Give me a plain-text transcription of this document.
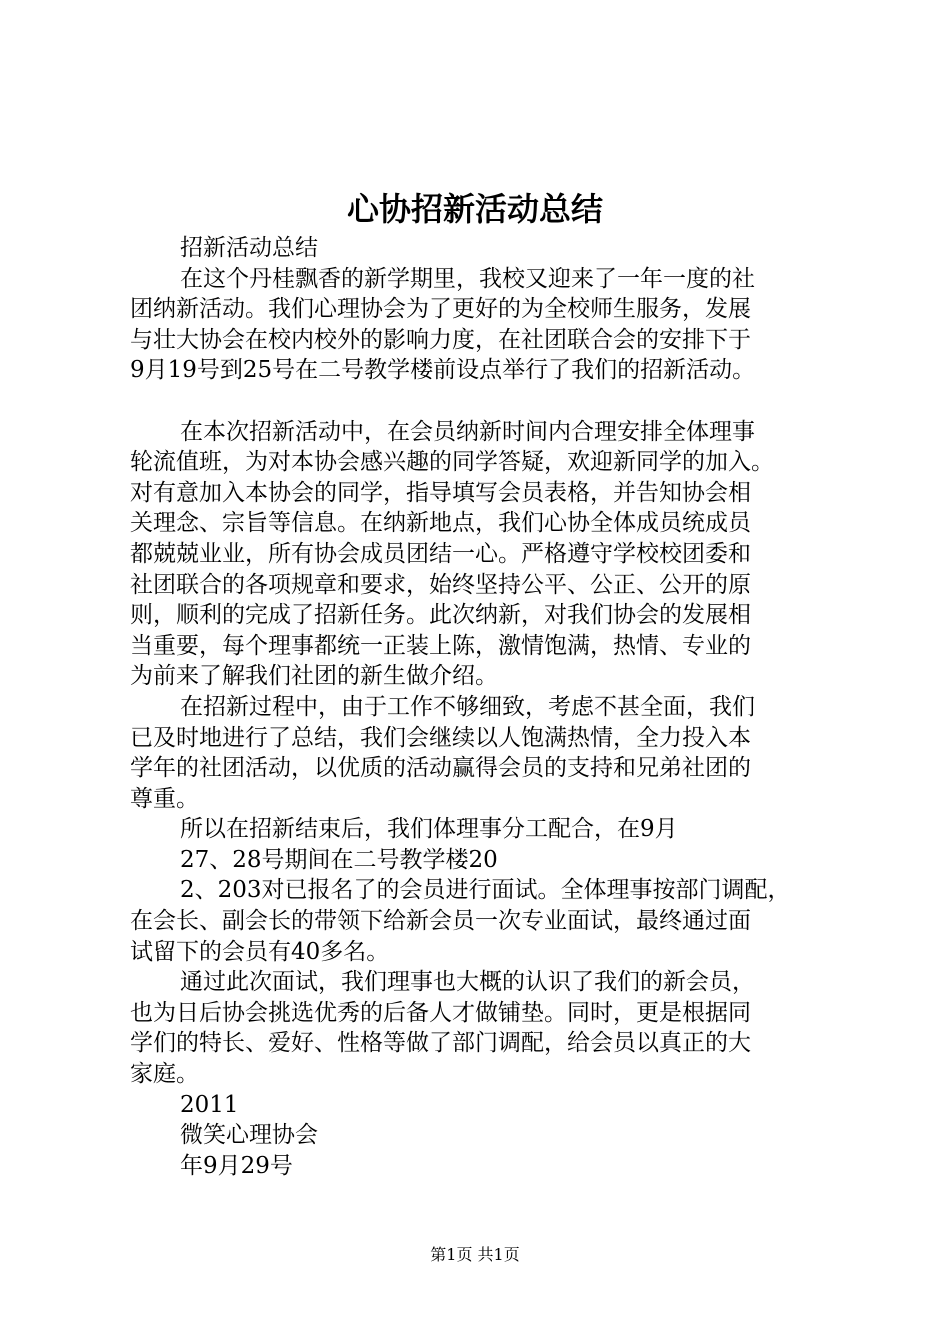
心协招新活动总结
招新活动总结
在这个丹桂飘香的新学期里，我校又迎来了一年一度的社
团纳新活动。我们心理协会为了更好的为全校师生服务，发展
与壮大协会在校内校外的影响力度，在社团联合会的安排下于
9月19号到25号在二号教学楼前设点举行了我们的招新活动。
在本次招新活动中，在会员纳新时间内合理安排全体理事
轮流值班，为对本协会感兴趣的同学答疑，欢迎新同学的加入。
对有意加入本协会的同学，指导填写会员表格，并告知协会相
关理念、宗旨等信息。在纳新地点，我们心协全体成员统成员
都兢兢业业，所有协会成员团结一心。严格遵守学校校团委和
社团联合的各项规章和要求，始终坚持公平、公正、公开的原
则，顺利的完成了招新任务。此次纳新，对我们协会的发展相
当重要，每个理事都统一正装上陈，激情饱满，热情、专业的
为前来了解我们社团的新生做介绍。
在招新过程中，由于工作不够细致，考虑不甚全面，我们
已及时地进行了总结，我们会继续以人饱满热情，全力投入本
学年的社团活动，以优质的活动赢得会员的支持和兄弟社团的
尊重。
所以在招新结束后，我们体理事分工配合，在9月
27、28号期间在二号教学楼20
2、203对已报名了的会员进行面试。全体理事按部门调配，
在会长、副会长的带领下给新会员一次专业面试，最终通过面
试留下的会员有40多名。
通过此次面试，我们理事也大概的认识了我们的新会员，
也为日后协会挑选优秀的后备人才做铺垫。同时，更是根据同
学们的特长、爱好、性格等做了部门调配，给会员以真正的大
家庭。
2011
微笑心理协会
年9月29号
第1页 共1页
